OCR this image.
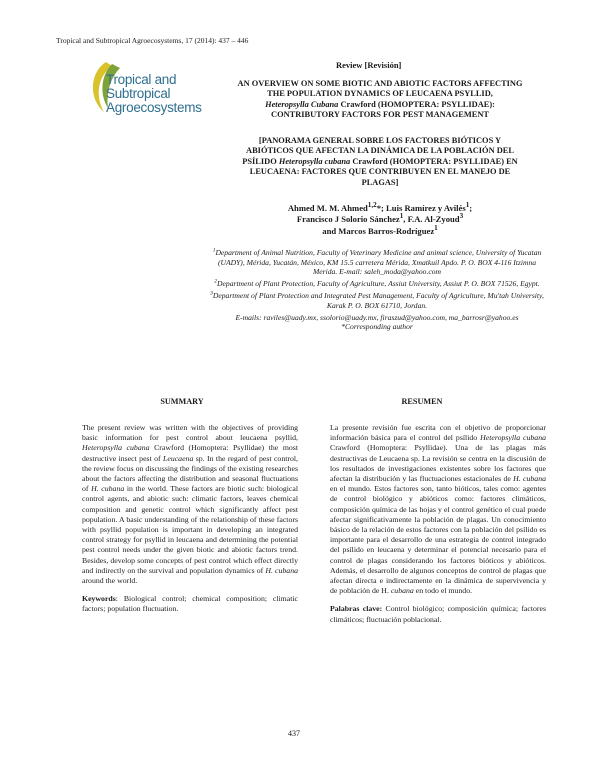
Tropical and Subtropical Agroecosystems, 17 (2014): 437 – 446
Tropical and
Subtropical
Agroecosystems
Review [Revisión]
AN OVERVIEW ON SOME BIOTIC AND ABIOTIC FACTORS AFFECTING
THE POPULATION DYNAMICS OF LEUCAENA PSYLLID,
Heteropsylla Cubana Crawford (HOMOPTERA: PSYLLIDAE):
CONTRIBUTORY FACTORS FOR PEST MANAGEMENT
[PANORAMA GENERAL SOBRE LOS FACTORES BIÓTICOS Y
ABIÓTICOS QUE AFECTAN LA DINÁMICA DE LA POBLACIÓN DEL
PSÍLIDO Heteropsylla cubana Crawford (HOMOPTERA: PSYLLIDAE) EN
LEUCAENA: FACTORES QUE CONTRIBUYEN EN EL MANEJO DE
PLAGAS]
Ahmed M. M. Ahmed$^{1,2}$*; Luis Ramírez y Avilés$^1$;
Francisco J Solorio Sánchez$^1$, F.A. Al-Zyoud$^3$
and Marcos Barros-Rodríguez$^1$

$^1$Department of Animal Nutrition, Faculty of Veterinary Medicine and animal science, University of Yucatan (UADY), Mérida, Yucatán, México, KM 15.5 carretera Mérida, Xmatkuil Apdo. P. O. BOX 4-116 Itzimna Merida. E-mail: saleh_moda@yahoo.com

$^2$Department of Plant Protection, Faculty of Agriculture, Assiut University, Assiut P. O. BOX 71526, Egypt.

$^3$Department of Plant Protection and Integrated Pest Management, Faculty of Agriculture, Mu'tah University, Karak P. O. BOX 61710, Jordan.

E-mails: raviles@uady.mx, ssolorio@uady.mx, firaszud@yahoo.com, ma_barrosr@yahoo.es

*Corresponding author

SUMMARY	RESUMEN

The present review was written with the objectives of providing basic information for pest control about leucaena psyllid, Heteropsylla cubana Crawford (Homoptera: Psyllidae) the most destructive insect pest of Leucaena sp. In the regard of pest control, the review focus on discussing the findings of the existing researches about the factors affecting the distribution and seasonal fluctuations of H. cubana in the world. These factors are biotic such: biological control agents, and abiotic such: climatic factors, leaves chemical composition and genetic control which significantly affect pest population. A basic understanding of the relationship of these factors with psyllid population is important in developing an integrated control strategy for psyllid in leucaena and determining the potential pest control needs under the given biotic and abiotic factors trend. Besides, develop some concepts of pest control which effect directly and indirectly on the survival and population dynamics of H. cubana around the world.

Keywords: Biological control; chemical composition; climatic factors; population fluctuation.

La presente revisión fue escrita con el objetivo de proporcionar información básica para el control del psílido Heteropsylla cubana Crawford (Homoptera: Psyllidae). Una de las plagas más destructivas de Leucaena sp. La revisión se centra en la discusión de los resultados de investigaciones existentes sobre los factores que afectan la distribución y las fluctuaciones estacionales de H. cubana en el mundo. Estos factores son, tanto bióticos, tales como: agentes de control biológico y abióticos como: factores climáticos, composición química de las hojas y el control genético el cual puede afectar significativamente la población de plagas. Un conocimiento básico de la relación de estos factores con la población del psílido es importante para el desarrollo de una estrategia de control integrado del psílido en leucaena y determinar el potencial necesario para el control de plagas considerando los factores bióticos y abióticos. Además, el desarrollo de algunos conceptos de control de plagas que afectan directa e indirectamente en la dinámica de supervivencia y de población de H. cubana en todo el mundo.

Palabras clave: Control biológico; composición química; factores climáticos; fluctuación poblacional.

437
